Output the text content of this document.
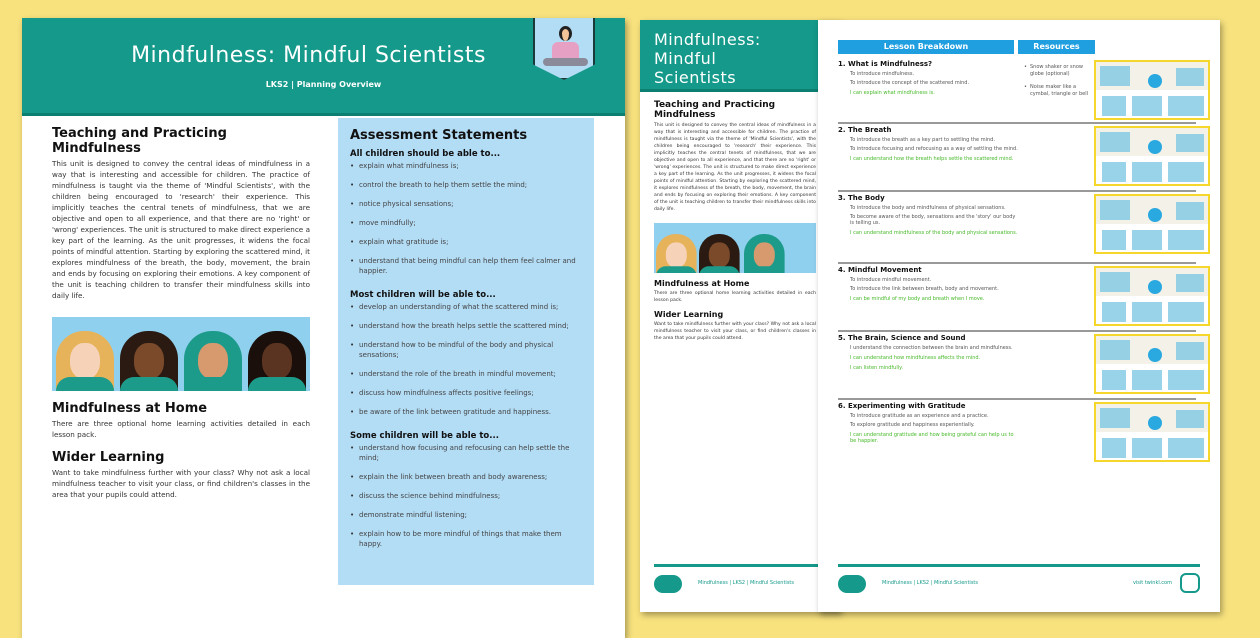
Mindfulness: Mindful Scientists
LKS2 | Planning Overview
Teaching and Practicing Mindfulness

This unit is designed to convey the central ideas of mindfulness in a way that is interesting and accessible for children. The practice of mindfulness is taught via the theme of 'Mindful Scientists', with the children being encouraged to 'research' their experience. This implicitly teaches the central tenets of mindfulness, that we are objective and open to all experience, and that there are no 'right' or 'wrong' experiences. The unit is structured to make direct experience a key part of the learning. As the unit progresses, it widens the focal points of mindful attention. Starting by exploring the scattered mind, it explores mindfulness of the breath, the body, movement, the brain and ends by focusing on exploring their emotions. A key component of the unit is teaching children to transfer their mindfulness skills into daily life.

Mindfulness at Home

There are three optional home learning activities detailed in each lesson pack.

Wider Learning

Want to take mindfulness further with your class? Why not ask a local mindfulness teacher to visit your class, or find children's classes in the area that your pupils could attend.

Assessment Statements
All children should be able to...
• explain what mindfulness is;
• control the breath to help them settle the mind;
• notice physical sensations;
• move mindfully;
• explain what gratitude is;
• understand that being mindful can help them feel calmer and happier.
Most children will be able to...
• develop an understanding of what the scattered mind is;
• understand how the breath helps settle the scattered mind;
• understand how to be mindful of the body and physical sensations;
• understand the role of the breath in mindful movement;
• discuss how mindfulness affects positive feelings;
• be aware of the link between gratitude and happiness.
Some children will be able to...
• understand how focusing and refocusing can help settle the mind;
• explain the link between breath and body awareness;
• discuss the science behind mindfulness;
• demonstrate mindful listening;
• explain how to be more mindful of things that make them happy.
Mindfulness: Mindful Scientists
Teaching and Practicing Mindfulness

This unit is designed to convey the central ideas of mindfulness in a way that is interesting and accessible for children. The practice of mindfulness is taught via the theme of 'Mindful Scientists', with the children being encouraged to 'research' their experience. This implicitly teaches the central tenets of mindfulness, that we are objective and open to all experience, and that there are no 'right' or 'wrong' experiences. The unit is structured to make direct experience a key part of the learning. As the unit progresses, it widens the focal points of mindful attention. Starting by exploring the scattered mind, it explores mindfulness of the breath, the body, movement, the brain and ends by focusing on exploring their emotions. A key component of the unit is teaching children to transfer their mindfulness skills into daily life.

Mindfulness at Home

There are three optional home learning activities detailed in each lesson pack.

Wider Learning

Want to take mindfulness further with your class? Why not ask a local mindfulness teacher to visit your class, or find children's classes in the area that your pupils could attend.

Mindfulness | LKS2 | Mindful Scientists
Lesson Breakdown	Resources
1. What is Mindfulness?
To introduce mindfulness.
To introduce the concept of the scattered mind.
I can explain what mindfulness is.
2. The Breath
To introduce the breath as a key part to settling the mind.
To introduce focusing and refocusing as a way of settling the mind.
I can understand how the breath helps settle the scattered mind.
3. The Body
To introduce the body and mindfulness of physical sensations.
To become aware of the body, sensations and the 'story' our body is telling us.
I can understand mindfulness of the body and physical sensations.
4. Mindful Movement
To introduce mindful movement.
To introduce the link between breath, body and movement.
I can be mindful of my body and breath when I move.
5. The Brain, Science and Sound
I understand the connection between the brain and mindfulness.
I can understand how mindfulness affects the mind.
I can listen mindfully.
6. Experimenting with Gratitude
To introduce gratitude as an experience and a practice.
To explore gratitude and happiness experientially.
I can understand gratitude and how being grateful can help us to be happier.
• Snow shaker or snow globe (optional)
• Noise maker like a cymbal, triangle or bell
Mindfulness | LKS2 | Mindful Scientists	visit twinkl.com
